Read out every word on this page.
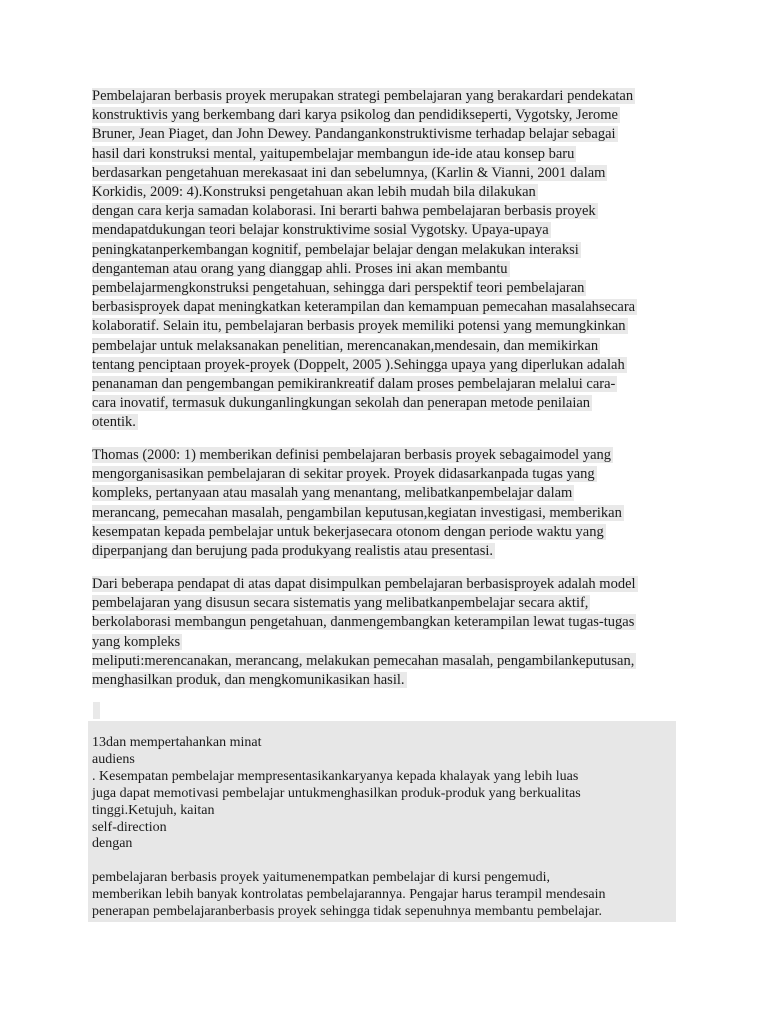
Pembelajaran berbasis proyek merupakan strategi pembelajaran yang berakardari pendekatan
konstruktivis yang berkembang dari karya psikolog dan pendidikseperti, Vygotsky, Jerome
Bruner, Jean Piaget, dan John Dewey. Pandangankonstruktivisme terhadap belajar sebagai
hasil dari konstruksi mental, yaitupembelajar membangun ide-ide atau konsep baru
berdasarkan pengetahuan merekasaat ini dan sebelumnya, (Karlin & Vianni, 2001 dalam
Korkidis, 2009: 4).Konstruksi pengetahuan akan lebih mudah bila dilakukan
dengan cara kerja samadan kolaborasi. Ini berarti bahwa pembelajaran berbasis proyek
mendapatdukungan teori belajar konstruktivime sosial Vygotsky. Upaya-upaya
peningkatanperkembangan kognitif, pembelajar belajar dengan melakukan interaksi
denganteman atau orang yang dianggap ahli. Proses ini akan membantu
pembelajarmengkonstruksi pengetahuan, sehingga dari perspektif teori pembelajaran
berbasisproyek dapat meningkatkan keterampilan dan kemampuan pemecahan masalahsecara
kolaboratif. Selain itu, pembelajaran berbasis proyek memiliki potensi yang memungkinkan
pembelajar untuk melaksanakan penelitian, merencanakan,mendesain, dan memikirkan
tentang penciptaan proyek-proyek (Doppelt, 2005 ).Sehingga upaya yang diperlukan adalah
penanaman dan pengembangan pemikirankreatif dalam proses pembelajaran melalui cara-
cara inovatif, termasuk dukunganlingkungan sekolah dan penerapan metode penilaian
otentik.
Thomas (2000: 1) memberikan definisi pembelajaran berbasis proyek sebagaimodel yang
mengorganisasikan pembelajaran di sekitar proyek. Proyek didasarkanpada tugas yang
kompleks, pertanyaan atau masalah yang menantang, melibatkanpembelajar dalam
merancang, pemecahan masalah, pengambilan keputusan,kegiatan investigasi, memberikan
kesempatan kepada pembelajar untuk bekerjasecara otonom dengan periode waktu yang
diperpanjang dan berujung pada produkyang realistis atau presentasi.
Dari beberapa pendapat di atas dapat disimpulkan pembelajaran berbasisproyek adalah model
pembelajaran yang disusun secara sistematis yang melibatkanpembelajar secara aktif,
berkolaborasi membangun pengetahuan, danmengembangkan keterampilan lewat tugas-tugas
yang kompleks
meliputi:merencanakan, merancang, melakukan pemecahan masalah, pengambilankeputusan,
menghasilkan produk, dan mengkomunikasikan hasil.
13dan mempertahankan minat
audiens
. Kesempatan pembelajar mempresentasikankaryanya kepada khalayak yang lebih luas
juga dapat memotivasi pembelajar untukmenghasilkan produk-produk yang berkualitas
tinggi.Ketujuh, kaitan
self-direction
dengan

pembelajaran berbasis proyek yaitumenempatkan pembelajar di kursi pengemudi,
memberikan lebih banyak kontrolatas pembelajarannya. Pengajar harus terampil mendesain
penerapan pembelajaranberbasis proyek sehingga tidak sepenuhnya membantu pembelajar.
